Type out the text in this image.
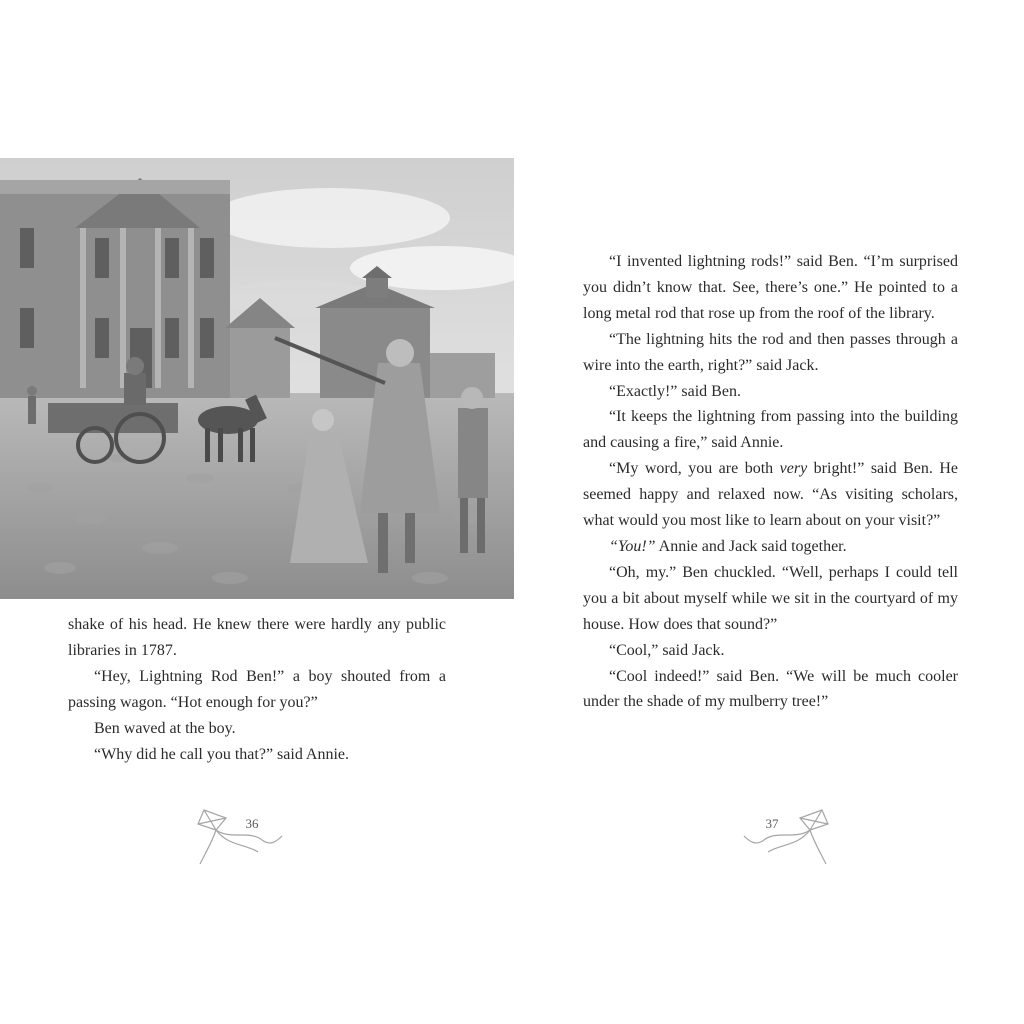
shake of his head. He knew there were hardly any public libraries in 1787.

“Hey, Lightning Rod Ben!” a boy shouted from a passing wagon. “Hot enough for you?”

Ben waved at the boy.

“Why did he call you that?” said Annie.

“I invented lightning rods!” said Ben. “I’m surprised you didn’t know that. See, there’s one.” He pointed to a long metal rod that rose up from the roof of the library.

“The lightning hits the rod and then passes through a wire into the earth, right?” said Jack.

“Exactly!” said Ben.

“It keeps the lightning from passing into the building and causing a fire,” said Annie.

“My word, you are both very bright!” said Ben. He seemed happy and relaxed now. “As visiting scholars, what would you most like to learn about on your visit?”

“You!” Annie and Jack said together.

“Oh, my.” Ben chuckled. “Well, perhaps I could tell you a bit about myself while we sit in the courtyard of my house. How does that sound?”

“Cool,” said Jack.

“Cool indeed!” said Ben. “We will be much cooler under the shade of my mulberry tree!”

36	37
